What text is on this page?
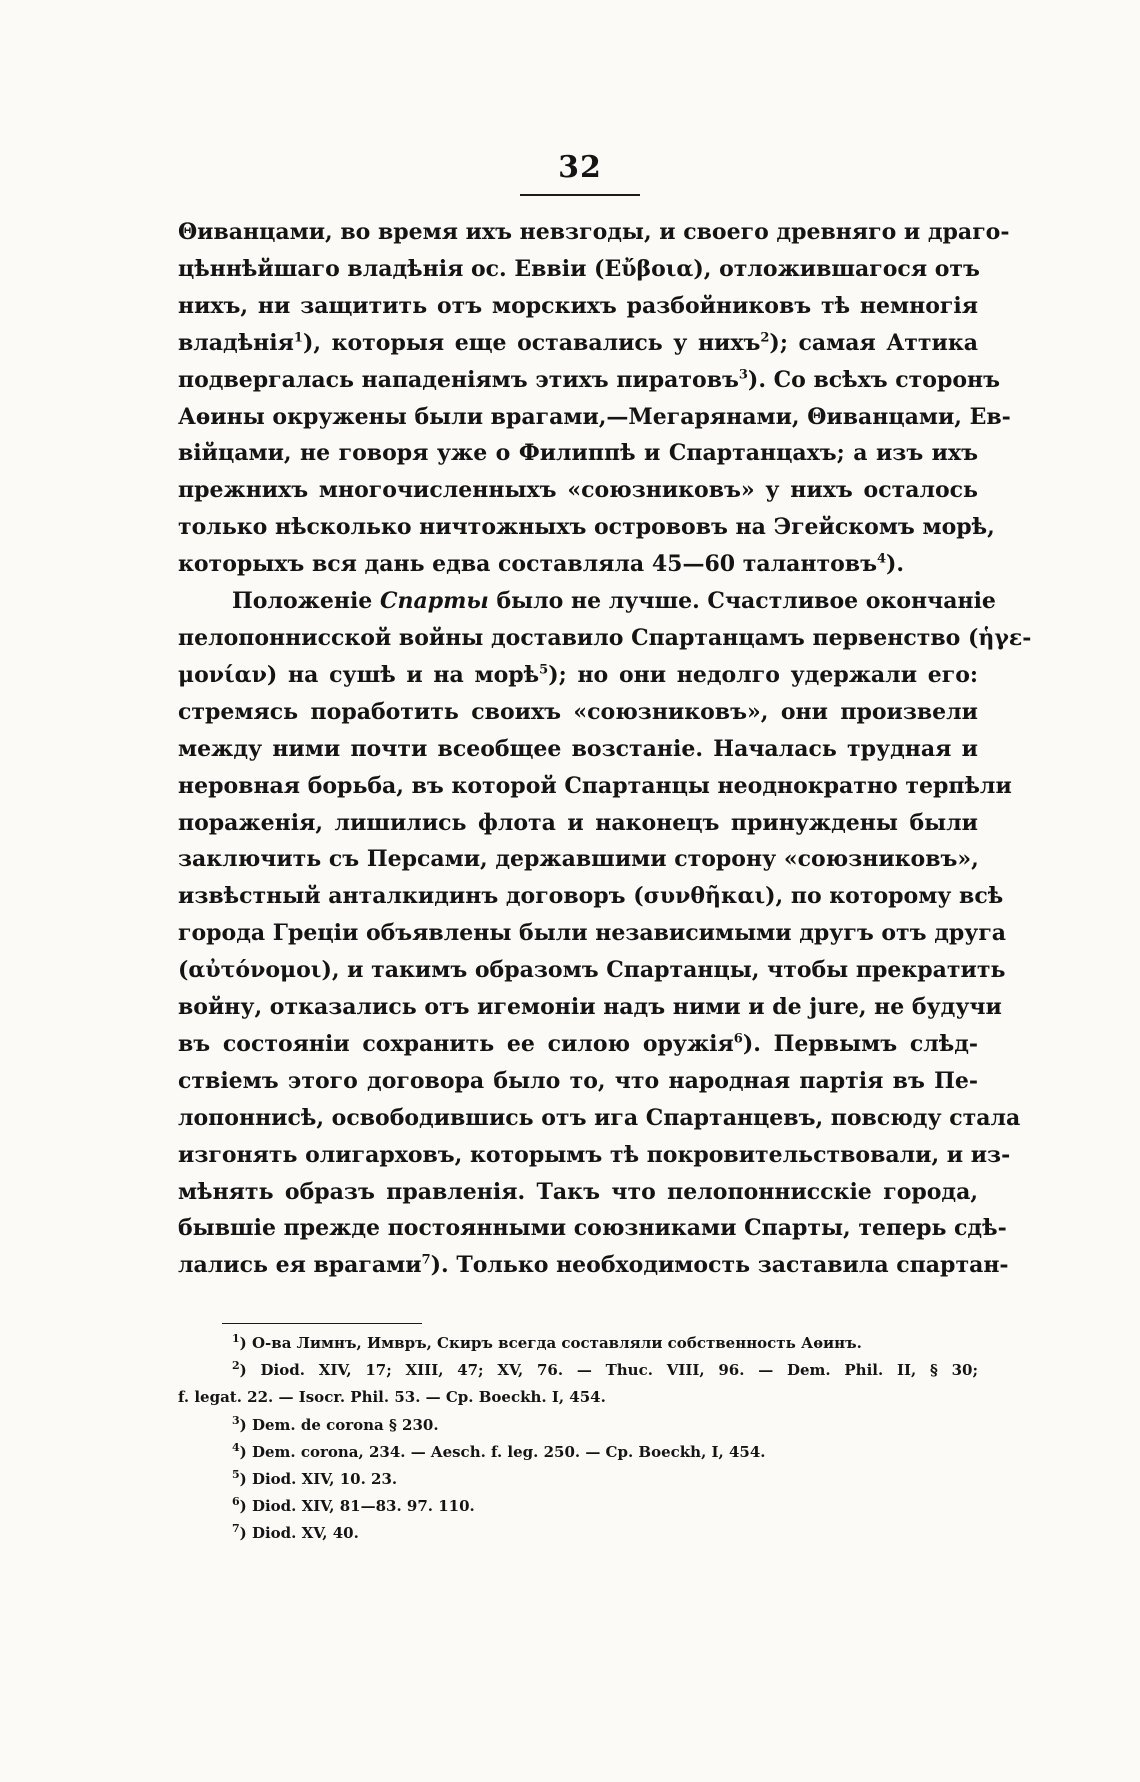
32
Θиванцами, во время ихъ невзгоды, и своего древняго и драго-
цѣннѣйшаго владѣнія ос. Еввіи (Εὔβοια), отложившагося отъ
нихъ, ни защитить отъ морскихъ разбойниковъ тѣ немногія
владѣнія$^1$), которыя еще оставались у нихъ$^2$); самая Аттика
подвергалась нападеніямъ этихъ пиратовъ$^3$). Со всѣхъ сторонъ
Аѳины окружены были врагами,—Мегарянами, Θиванцами, Ев-
війцами, не говоря уже о Филиппѣ и Спартанцахъ; а изъ ихъ
прежнихъ многочисленныхъ «союзниковъ» у нихъ осталось
только нѣсколько ничтожныхъ острововъ на Эгейскомъ морѣ,
которыхъ вся дань едва составляла 45—60 талантовъ$^4$).
Положеніе Спарты было не лучше. Счастливое окончаніе
пелопоннисской войны доставило Спартанцамъ первенство (ἡγε-
μονίαν) на сушѣ и на морѣ$^5$); но они недолго удержали его:
стремясь поработить своихъ «союзниковъ», они произвели
между ними почти всеобщее возстаніе. Началась трудная и
неровная борьба, въ которой Спартанцы неоднократно терпѣли
пораженія, лишились флота и наконецъ принуждены были
заключить съ Персами, державшими сторону «союзниковъ»,
извѣстный анталкидинъ договоръ (συνθῆκαι), по которому всѣ
города Греціи объявлены были независимыми другъ отъ друга
(αὐτόνομοι), и такимъ образомъ Спартанцы, чтобы прекратить
войну, отказались отъ игемоніи надъ ними и de jure, не будучи
въ состояніи сохранить ее силою оружія$^6$). Первымъ слѣд-
ствіемъ этого договора было то, что народная партія въ Пе-
лопоннисѣ, освободившись отъ ига Спартанцевъ, повсюду стала
изгонять олигарховъ, которымъ тѣ покровительствовали, и из-
мѣнять образъ правленія. Такъ что пелопоннисскіе города,
бывшіе прежде постоянными союзниками Спарты, теперь сдѣ-
лались ея врагами$^7$). Только необходимость заставила спартан-
$^1$) О-ва Лимнъ, Имвръ, Скиръ всегда составляли собственность Аѳинъ.
$^2$) Diod. XIV, 17; XIII, 47; XV, 76. — Thuc. VIII, 96. — Dem. Phil. II, § 30;
f. legat. 22. — Isocr. Phil. 53. — Cp. Boeckh. I, 454.
$^3$) Dem. de corona § 230.
$^4$) Dem. corona, 234. — Aesch. f. leg. 250. — Cp. Boeckh, I, 454.
$^5$) Diod. XIV, 10. 23.
$^6$) Diod. XIV, 81—83. 97. 110.
$^7$) Diod. XV, 40.
